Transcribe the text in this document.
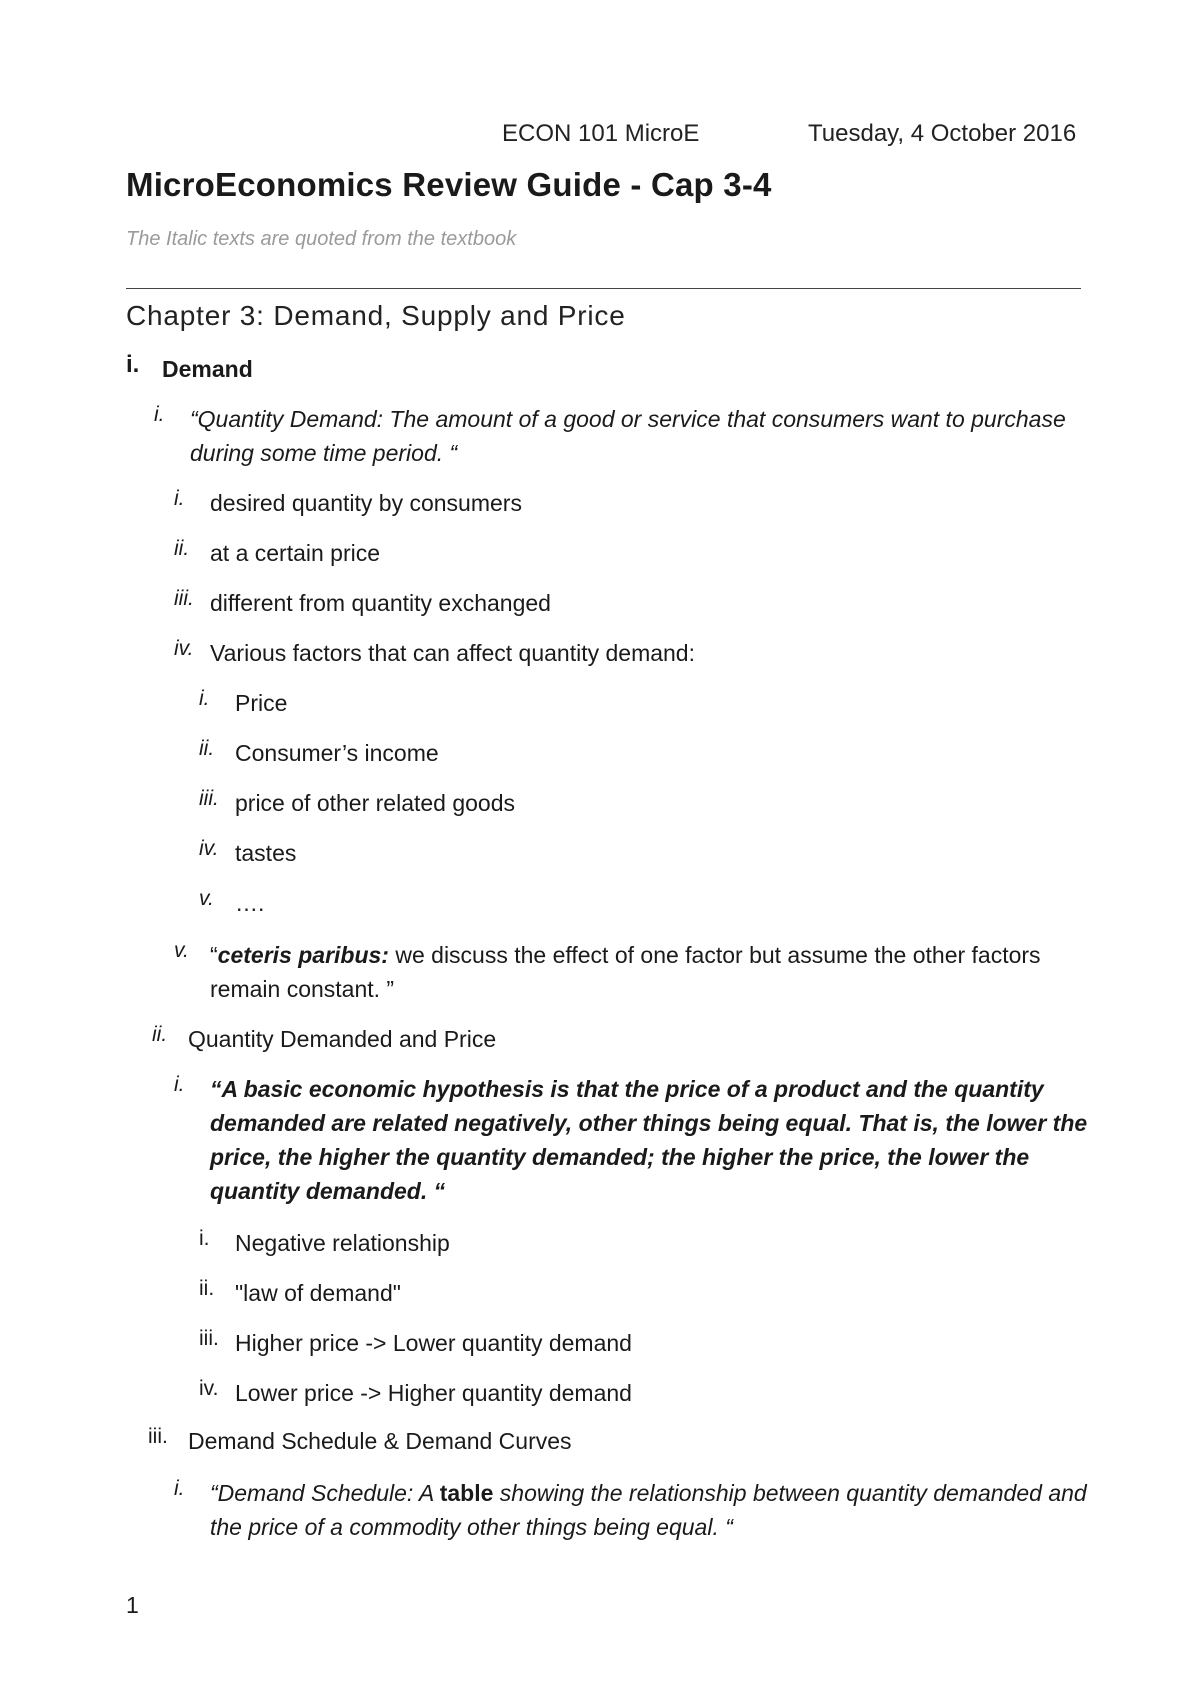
ECON 101 MicroE	Tuesday, 4 October 2016
MicroEconomics Review Guide - Cap 3-4
The Italic texts are quoted from the textbook
Chapter 3: Demand, Supply and Price
i. Demand
i. “Quantity Demand: The amount of a good or service that consumers want to purchase during some time period. “
i. desired quantity by consumers
ii. at a certain price
iii. different from quantity exchanged
iv. Various factors that can affect quantity demand:
i. Price
ii. Consumer’s income
iii. price of other related goods
iv. tastes
v. ….
v. “ceteris paribus: we discuss the effect of one factor but assume the other factors remain constant. ”
ii. Quantity Demanded and Price
i. “A basic economic hypothesis is that the price of a product and the quantity demanded are related negatively, other things being equal. That is, the lower the price, the higher the quantity demanded; the higher the price, the lower the quantity demanded. “
i. Negative relationship
ii. "law of demand"
iii. Higher price -> Lower quantity demand
iv. Lower price -> Higher quantity demand
iii. Demand Schedule & Demand Curves
i. “Demand Schedule: A table showing the relationship between quantity demanded and the price of a commodity other things being equal. “
1
